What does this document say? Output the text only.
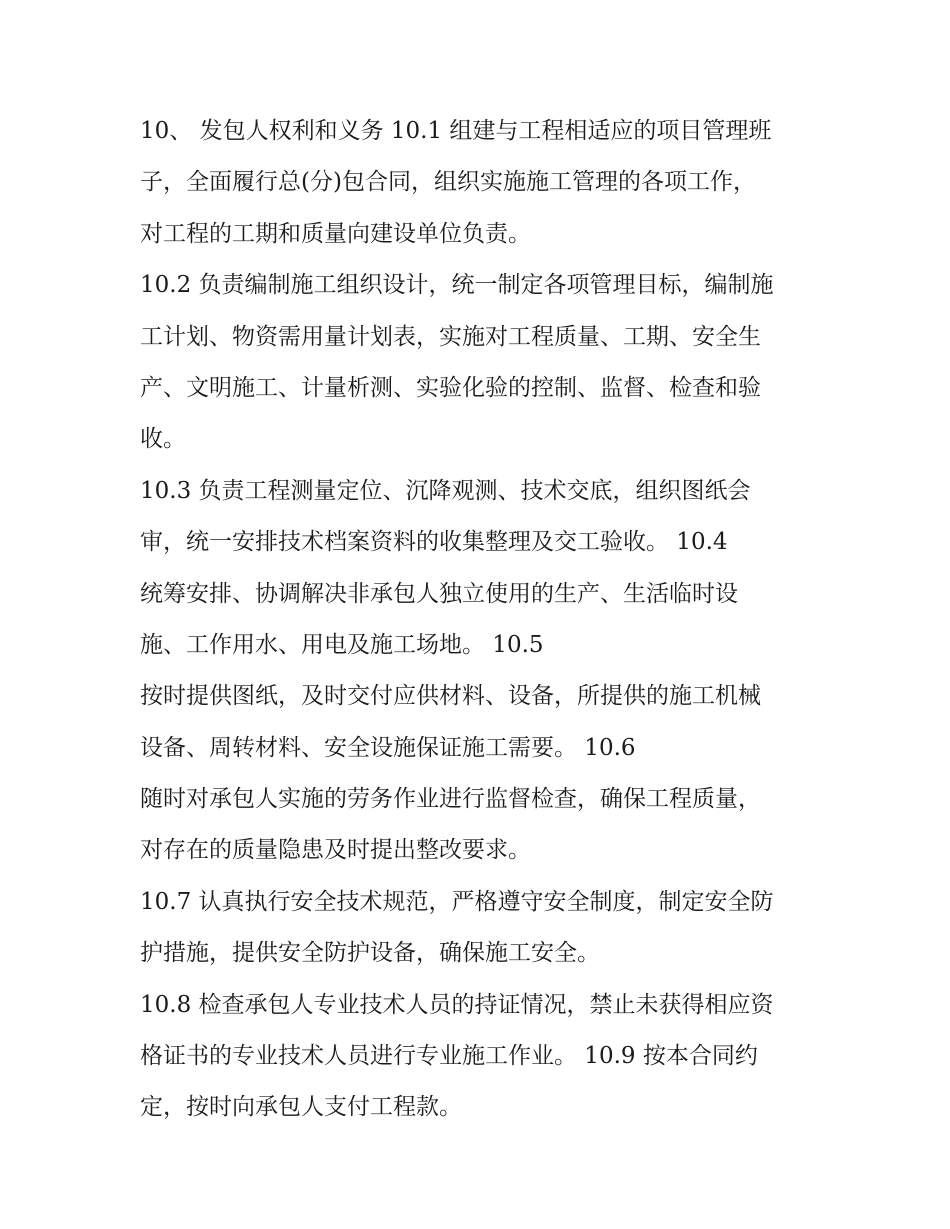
10、 发包人权利和义务 10.1 组建与工程相适应的项目管理班
子，全面履行总(分)包合同，组织实施施工管理的各项工作，
对工程的工期和质量向建设单位负责。
10.2 负责编制施工组织设计，统一制定各项管理目标，编制施
工计划、物资需用量计划表，实施对工程质量、工期、安全生
产、文明施工、计量析测、实验化验的控制、监督、检查和验
收。
10.3 负责工程测量定位、沉降观测、技术交底，组织图纸会
审，统一安排技术档案资料的收集整理及交工验收。 10.4
统筹安排、协调解决非承包人独立使用的生产、生活临时设
施、工作用水、用电及施工场地。 10.5
按时提供图纸，及时交付应供材料、设备，所提供的施工机械
设备、周转材料、安全设施保证施工需要。 10.6
随时对承包人实施的劳务作业进行监督检查，确保工程质量，
对存在的质量隐患及时提出整改要求。
10.7 认真执行安全技术规范，严格遵守安全制度，制定安全防
护措施，提供安全防护设备，确保施工安全。
10.8 检查承包人专业技术人员的持证情况，禁止未获得相应资
格证书的专业技术人员进行专业施工作业。 10.9 按本合同约
定，按时向承包人支付工程款。
